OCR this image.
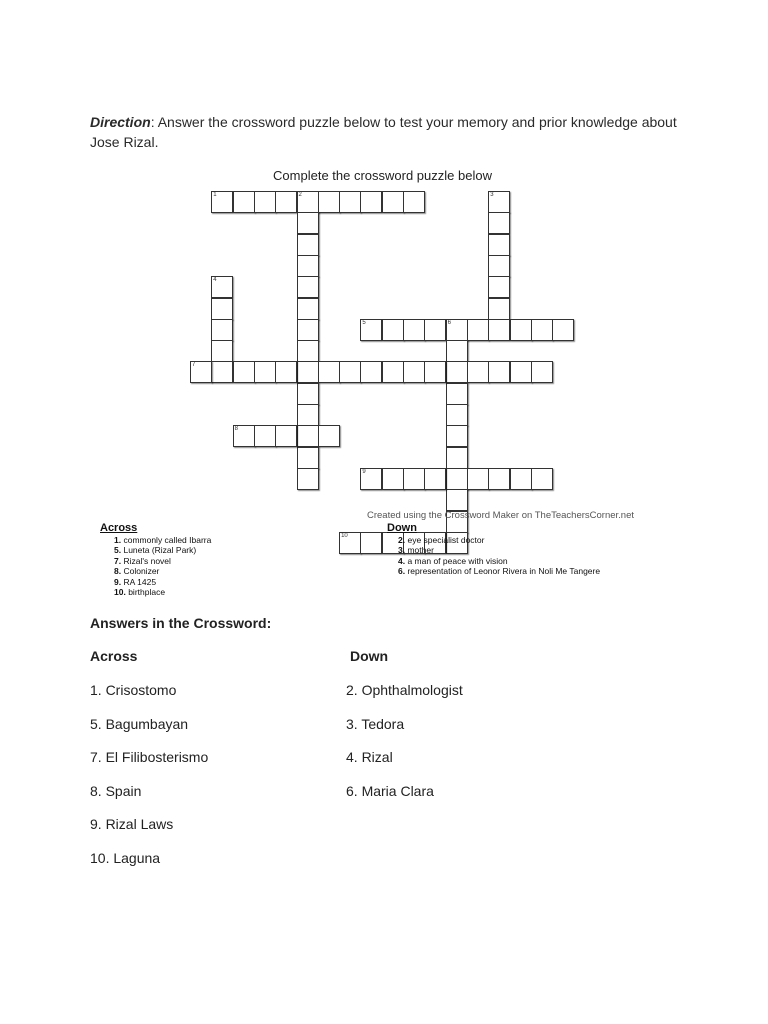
Direction: Answer the crossword puzzle below to test your memory and prior knowledge about Jose Rizal.
Complete the crossword puzzle below
1	2	3
4
5	6
7
8
9
10
Created using the Crossword Maker on TheTeachersCorner.net
Across
1. commonly called Ibarra
5. Luneta (Rizal Park)
7. Rizal's novel
8. Colonizer
9. RA 1425
10. birthplace
Down
2. eye specialist doctor
3. mother
4. a man of peace with vision
6. representation of Leonor Rivera in Noli Me Tangere
Answers in the Crossword:
Across	Down
1. Crisostomo
5. Bagumbayan
7. El Filibosterismo
8. Spain
9. Rizal Laws
10. Laguna
2. Ophthalmologist
3. Tedora
4. Rizal
6. Maria Clara
